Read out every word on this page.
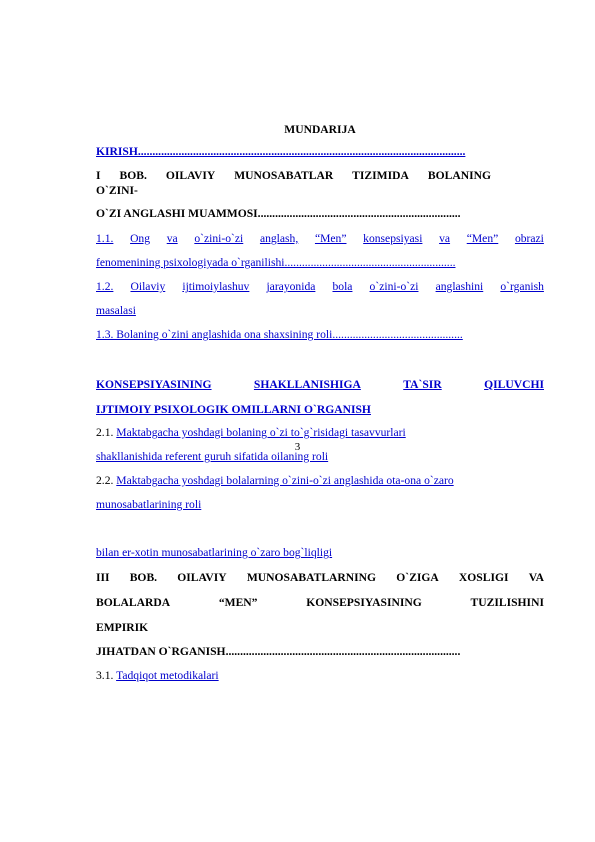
MUNDARIJA
KIRISH.................................................................................................................
I BOB. OILAVIY MUNOSABATLAR TIZIMIDA BOLANING
O`ZINI-
O`ZI ANGLASHI MUAMMOSI......................................................................
1.1. Ong va o`zini-o`zi anglash, “Men” konsepsiyasi va “Men” obrazi
fenomenining psixologiyada o`rganilishi...........................................................
1.2. Oilaviy ijtimoiylashuv jarayonida bola o`zini-o`zi anglashini o`rganish
masalasi
1.3. Bolaning o`zini anglashida ona shaxsining roli.............................................
KONSEPSIYASINING	SHAKLLANISHIGA	TA`SIR	QILUVCHI
IJTIMOIY PSIXOLOGIK OMILLARNI O`RGANISH
2.1. Maktabgacha yoshdagi bolaning o`zi to`g`risidagi tasavvurlari
shakllanishida referent guruh sifatida oilaning roli
2.2. Maktabgacha yoshdagi bolalarning o`zini-o`zi anglashida ota-ona o`zaro
munosabatlarining roli
bilan er-xotin munosabatlarining o`zaro bog`liqligi
III BOB. OILAVIY MUNOSABATLARNING O`ZIGA XOSLIGI VA
BOLALARDA	“MEN”	KONSEPSIYASINING	TUZILISHINI
EMPIRIK
JIHATDAN O`RGANISH.................................................................................
3.1. Tadqiqot metodikalari
3
